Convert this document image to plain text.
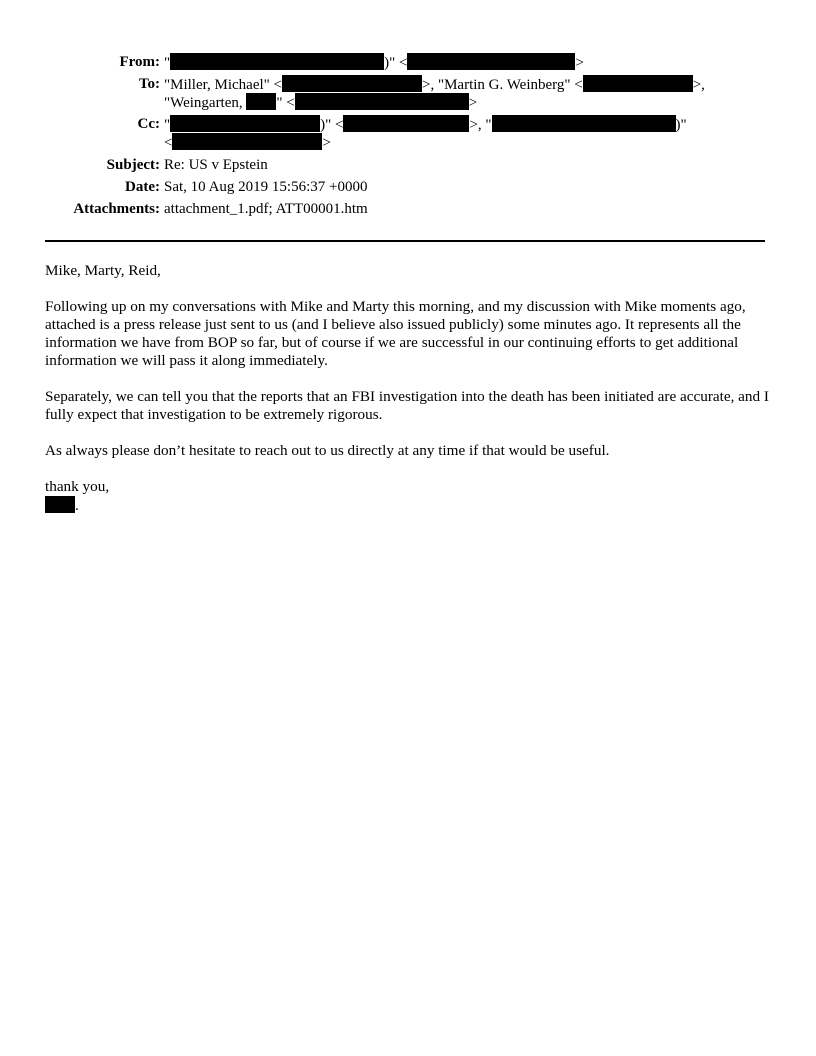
From: "	)" <	>
To: "Miller, Michael" <	>, "Martin G. Weinberg" <	>,
"Weingarten, " <	>
Cc: "	)" <	>, "	)"
<	>
Subject: Re: US v Epstein
Date: Sat, 10 Aug 2019 15:56:37 +0000
Attachments: attachment_1.pdf; ATT00001.htm

Mike, Marty, Reid,

Following up on my conversations with Mike and Marty this morning, and my discussion with Mike moments ago, attached is a press release just sent to us (and I believe also issued publicly) some minutes ago. It represents all the information we have from BOP so far, but of course if we are successful in our continuing efforts to get additional information we will pass it along immediately.

Separately, we can tell you that the reports that an FBI investigation into the death has been initiated are accurate, and I fully expect that investigation to be extremely rigorous.

As always please don’t hesitate to reach out to us directly at any time if that would be useful.

thank you,
.
